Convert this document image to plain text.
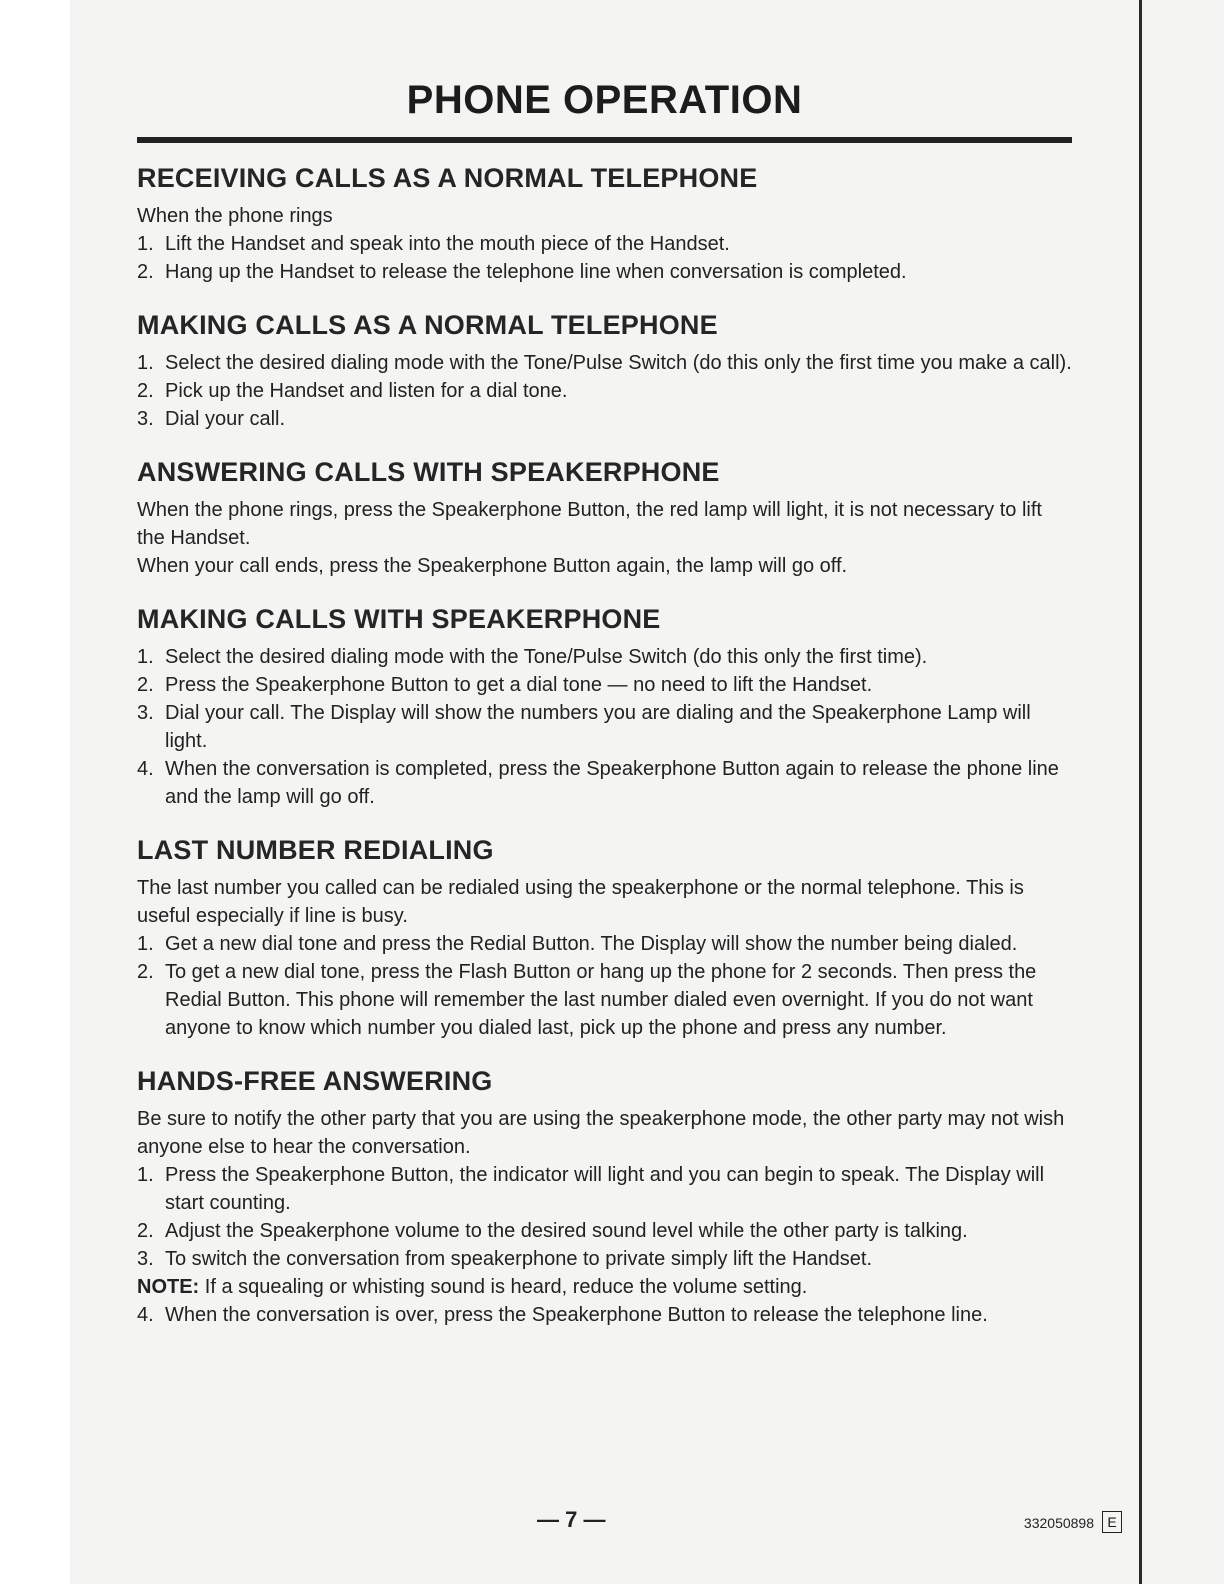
PHONE OPERATION
RECEIVING CALLS AS A NORMAL TELEPHONE

When the phone rings

1. Lift the Handset and speak into the mouth piece of the Handset.
2. Hang up the Handset to release the telephone line when conversation is completed.
MAKING CALLS AS A NORMAL TELEPHONE
1. Select the desired dialing mode with the Tone/Pulse Switch (do this only the first time you make a call).
2. Pick up the Handset and listen for a dial tone.
3. Dial your call.
ANSWERING CALLS WITH SPEAKERPHONE

When the phone rings, press the Speakerphone Button, the red lamp will light, it is not necessary to lift the Handset.

When your call ends, press the Speakerphone Button again, the lamp will go off.

MAKING CALLS WITH SPEAKERPHONE
1. Select the desired dialing mode with the Tone/Pulse Switch (do this only the first time).
2. Press the Speakerphone Button to get a dial tone — no need to lift the Handset.
3. Dial your call. The Display will show the numbers you are dialing and the Speakerphone Lamp will light.
4. When the conversation is completed, press the Speakerphone Button again to release the phone line and the lamp will go off.
LAST NUMBER REDIALING

The last number you called can be redialed using the speakerphone or the normal telephone. This is useful especially if line is busy.

1. Get a new dial tone and press the Redial Button. The Display will show the number being dialed.
2. To get a new dial tone, press the Flash Button or hang up the phone for 2 seconds. Then press the Redial Button. This phone will remember the last number dialed even overnight. If you do not want anyone to know which number you dialed last, pick up the phone and press any number.
HANDS-FREE ANSWERING

Be sure to notify the other party that you are using the speakerphone mode, the other party may not wish anyone else to hear the conversation.

1. Press the Speakerphone Button, the indicator will light and you can begin to speak. The Display will start counting.
2. Adjust the Speakerphone volume to the desired sound level while the other party is talking.
3. To switch the conversation from speakerphone to private simply lift the Handset.

NOTE: If a squealing or whisting sound is heard, reduce the volume setting.

4. When the conversation is over, press the Speakerphone Button to release the telephone line.
— 7 —	332050898 E
